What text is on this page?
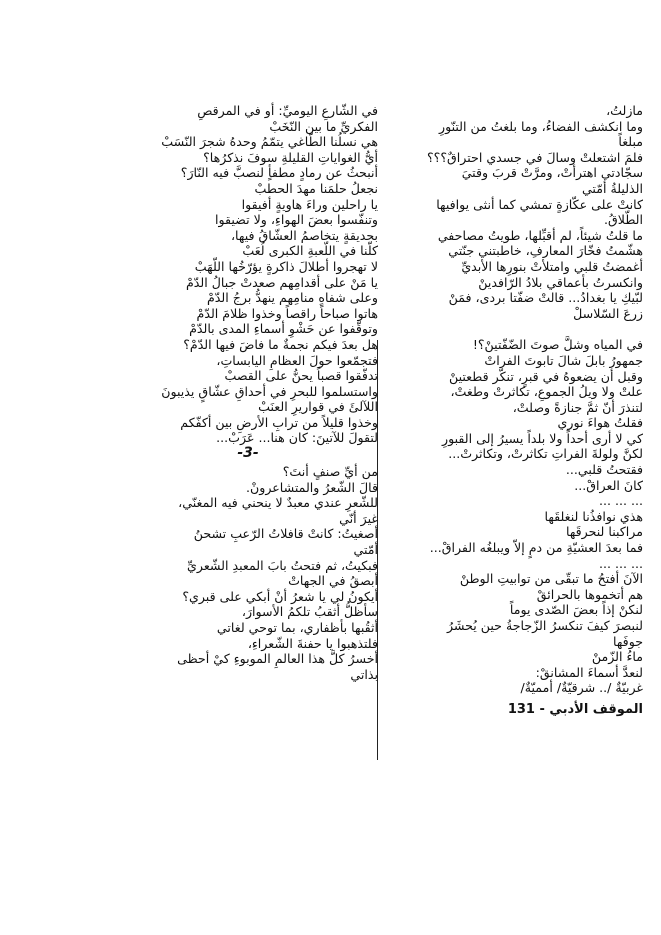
مازلتُ،
وما انكشف الفضاءُ، وما بلغتُ من التنّورِ
مبلغاً
فلمَ اشتعلتْ وسالَ في جسدي احتراقٌ؟؟؟
سجّادتي اهترأتْ، ومرَّتْ قربَ وقتيَ
الذليلةُ أمّتي
كانتْ على عكّازةٍ تمشي كما أنثى يوافيها
الطّلاقُ.
ما قلتُ شيئاً، لم أقبِّلها، طويتُ مصاحفي
هشّمتُ فخّارَ المعارفِ، خاطبتني جنّتي
أغمضتُ قلبي وامتلأتْ بنورِها الأبديِّ
وانكسرتُ بأعماقي بلادُ الرّافدينْ
لبّيكِ يا بغدادُ... قالتْ ضفّتا بردى، فمَنْ
زرعَ السّلاسلْ
في المياه وشلَّ صوتَ الضّفّتينْ؟!
جمهورُ بابلَ شالَ تابوتَ الفراتْ
وقبل أن يضعوهُ في قبرٍ، تنكّر قطعتينْ
علتْ ولا ويلُ الجموعِ، تكاثرتْ وطغتْ،
لتنذرَ أنّ ثمَّ جنازةً وصلتْ،
فقلتُ هواءَ نوري
كي لا أرى أحداً ولا بلداً يسيرُ إلى القبورِ
لكنَّ ولولةَ الفراتِ تكاثرتْ، وتكاثرتْ...
فقتحتُ قلبي...
كانَ العراقْ...
... ... ...
هذي نوافذُنا لنغلقَها
مراكبنا لنحرقَها
فما بعدَ العشيّةِ من دمٍ إلاّ ويبلغُه الفراقْ...
... ... ...
الآنَ أفتحُ ما تبقّى من توابيتِ الوطنْ
هم أتخموها بالحرائقْ
لنكنْ إذاً بعضَ الصّدى يوماً
لنبصرَ كيفَ تنكسرُ الزّجاجةُ حين يُحشَرُ
جوفَها
ماءُ الزّمنْ
لنعدَّ أسماءَ المشانقْ:
غربيّةٌ /.. شرقيّةٌ/ أمميّةٌ/
في الشّارعِ اليوميِّ: أو في المرقصِ
الفكريِّ ما بين النّخَبْ
هي نسلُنا الطّاغي يتمّمُ وحدهُ شجرَ النّسَبْ
أيُّ الغواياتِ القليلةِ سوفَ نذكرُها؟
أنبحثُ عن رمادٍ مطفأٍ لنصبَّ فيه النّارَ؟
نجعلُ حلمَنا مهدَ الحطبْ
يا راحلين وراءَ هاويةٍ أفيقوا
وتنفّسوا بعضَ الهواءِ، ولا تضيقوا
بحديقةٍ يتخاصمُ العشّاقُ فيها،
كلّنا في اللّعبةِ الكبرى لُعَبْ
لا تهجروا أطلالَ ذاكرةٍ يؤرّخُها اللّهَبْ
يا مَنْ على أقدامِهم صعدتْ جبالُ الدّمْ
وعلى شفاهِ منامِهم ينهدُّ برجُ الدّمْ
هاتوا صباحاً راقصاً وخذوا ظلامَ الدّمْ
وتوقّفوا عن حَشْوِ أسماءِ المدى بالدّمْ
هل بعدَ فيكم نجمةٌ ما فاضَ فيها الدّمْ؟
فتجمّعوا حولَ العظامِ اليابساتِ،
تدفّقوا قصباً يحنُّ على القصبْ
واستسلموا للبحرِ في أحداقِ عشّاقٍ يذيبونَ
اللآلئَ في قواريرِ العنَبْ
وخذوا قليلاً من ترابِ الأرضِ بين أكفّكم
لتقولَ للآتينَ: كان هنا... عَرَبْ...
من أيِّ صنفٍ أنتَ؟
قالَ الشّعرُ والمتشاعرونْ.
للشّعرِ عندي معبدٌ لا ينحني فيه المغنّي،
غيرَ أنّي
أصغيتُ: كانتْ قافلاتُ الرّعبِ تشحنُ
أمّتي
فبكيتُ، ثم فتحتُ بابَ المعبدِ الشّعريِّ
أبصقُ في الجهاتْ
أيكونُ لي يا شعرُ أنْ أبكي على قبري؟
سأظلُّ أثقبُ تلكمُ الأسوارَ،
أثقُبها بأظفاري، بما توحي لغاتي
فلتذهبوا يا حفنةَ الشّعراءِ،
أخسرُ كلَّ هذا العالمِ الموبوءِ كيْ أحظى
بذاتي
-3-
الموقف الأدبي - 131
